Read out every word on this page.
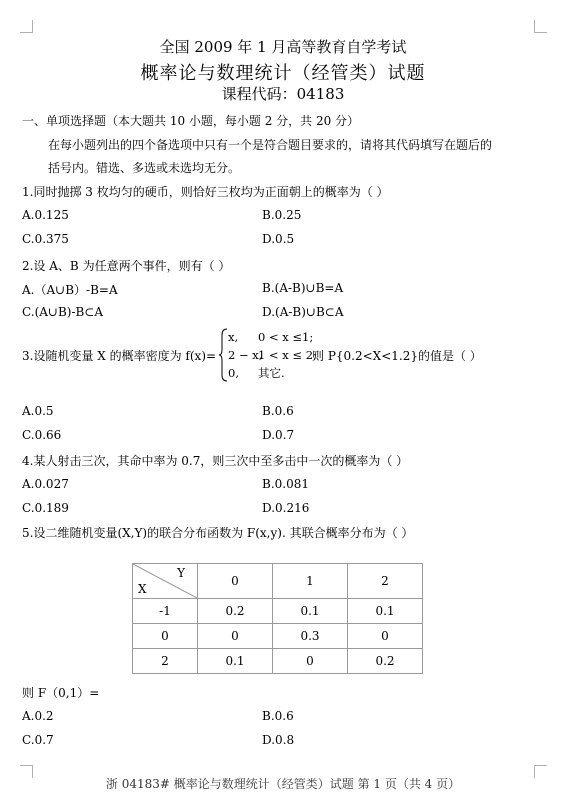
全国 2009 年 1 月高等教育自学考试
概率论与数理统计（经管类）试题
课程代码：04183
一、单项选择题（本大题共 10 小题，每小题 2 分，共 20 分）
在每小题列出的四个备选项中只有一个是符合题目要求的，请将其代码填写在题后的
括号内。错选、多选或未选均无分。
1.同时抛掷 3 枚均匀的硬币，则恰好三枚均为正面朝上的概率为（ ）
A.0.125	B.0.25
C.0.375	D.0.5
2.设 A、B 为任意两个事件，则有（ ）
A.（A∪B）-B=A	B.(A-B)∪B=A
C.(A∪B)-B⊂A	D.(A-B)∪B⊂A
3.设随机变量 X 的概率密度为 f(x)=
x, 0 < x ≤1;
2 − x,
1 < x ≤ 2;
0, 其它.
则 P{0.2<X<1.2}的值是（ ）
A.0.5	B.0.6
C.0.66	D.0.7
4.某人射击三次，其命中率为 0.7，则三次中至多击中一次的概率为（ ）
A.0.027	B.0.081
C.0.189	D.0.216
5.设二维随机变量(X,Y)的联合分布函数为 F(x,y). 其联合概率分布为（ ）
Y
X	0	1	2
-1	0.2	0.1	0.1
0	0	0.3	0
2	0.1	0	0.2
则 F（0,1）=
A.0.2	B.0.6
C.0.7	D.0.8
浙 04183# 概率论与数理统计（经管类）试题 第 1 页（共 4 页）
